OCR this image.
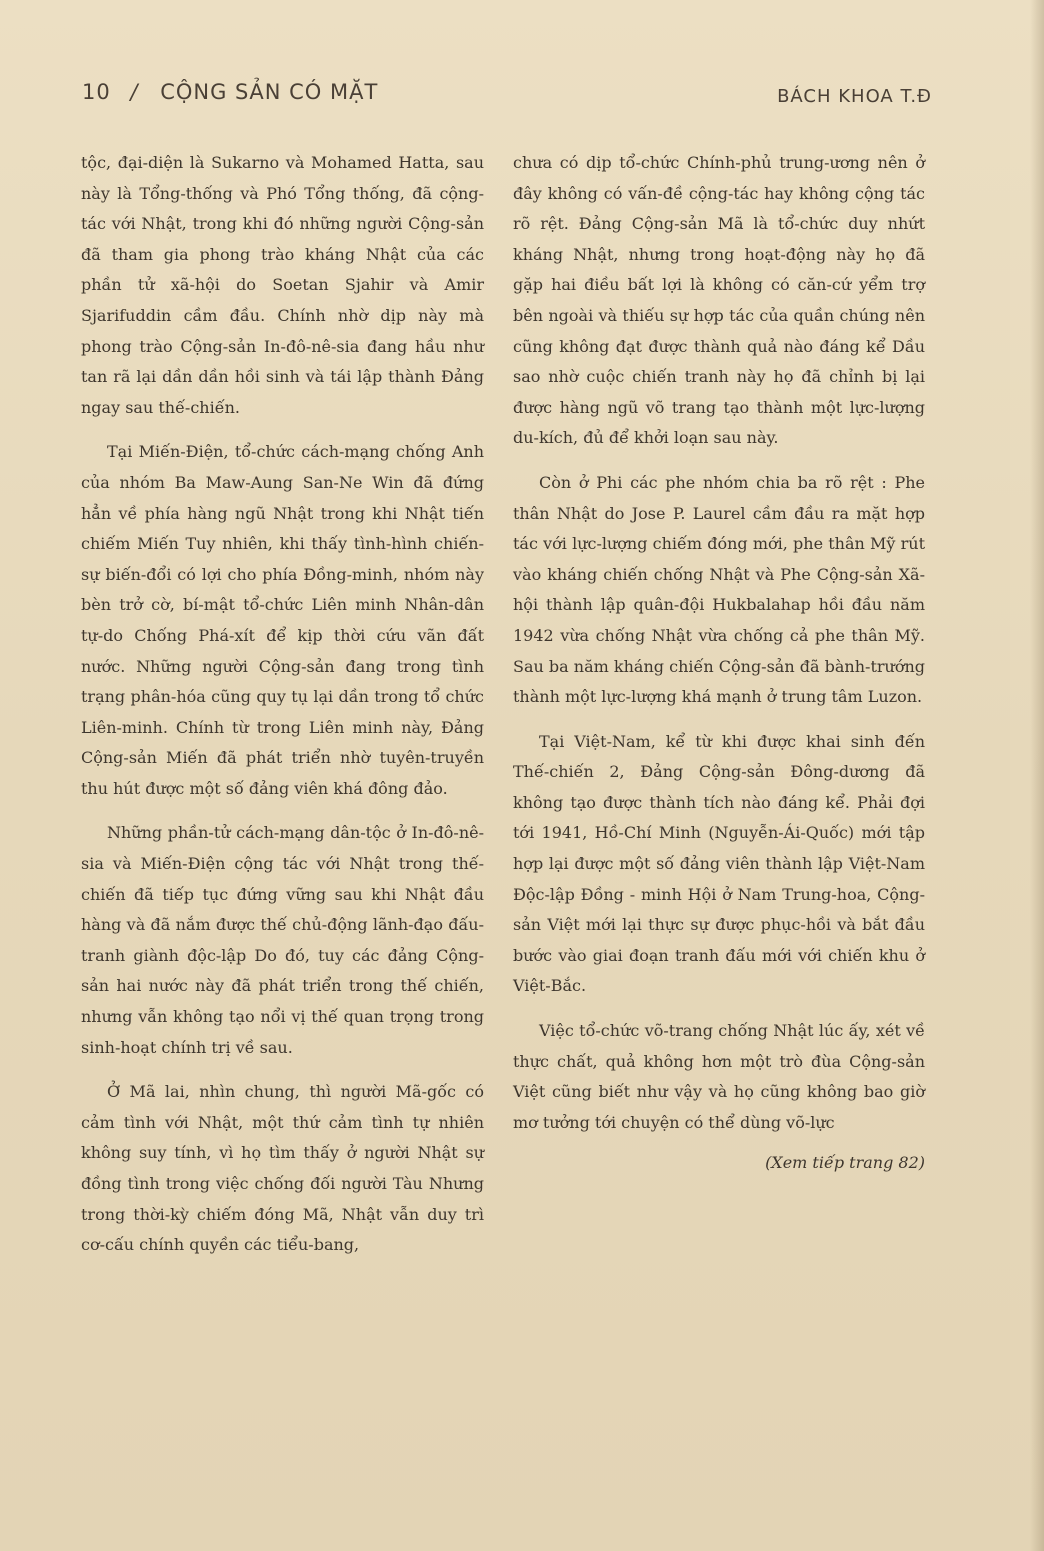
10 / CỘNG SẢN CÓ MẶT	BÁCH KHOA T.Đ

tộc, đại-diện là Sukarno và Mohamed Hatta, sau này là Tổng-thống và Phó Tổng thống, đã cộng-tác với Nhật, trong khi đó những người Cộng-sản đã tham gia phong trào kháng Nhật của các phần tử xã-hội do Soetan Sjahir và Amir Sjarifuddin cầm đầu. Chính nhờ dịp này mà phong trào Cộng-sản In-đô-nê-sia đang hầu như tan rã lại dần dần hồi sinh và tái lập thành Đảng ngay sau thế-chiến.

Tại Miến-Điện, tổ-chức cách-mạng chống Anh của nhóm Ba Maw-Aung San-Ne Win đã đứng hẳn về phía hàng ngũ Nhật trong khi Nhật tiến chiếm Miến Tuy nhiên, khi thấy tình-hình chiến-sự biến-đổi có lợi cho phía Đồng-minh, nhóm này bèn trở cờ, bí-mật tổ-chức Liên minh Nhân-dân tự-do Chống Phá-xít để kịp thời cứu vãn đất nước. Những người Cộng-sản đang trong tình trạng phân-hóa cũng quy tụ lại dần trong tổ chức Liên-minh. Chính từ trong Liên minh này, Đảng Cộng-sản Miến đã phát triển nhờ tuyên-truyền thu hút được một số đảng viên khá đông đảo.

Những phần-tử cách-mạng dân-tộc ở In-đô-nê-sia và Miến-Điện cộng tác với Nhật trong thế-chiến đã tiếp tục đứng vững sau khi Nhật đầu hàng và đã nắm được thế chủ-động lãnh-đạo đấu-tranh giành độc-lập Do đó, tuy các đảng Cộng-sản hai nước này đã phát triển trong thế chiến, nhưng vẫn không tạo nổi vị thế quan trọng trong sinh-hoạt chính trị về sau.

Ở Mã lai, nhìn chung, thì người Mã-gốc có cảm tình với Nhật, một thứ cảm tình tự nhiên không suy tính, vì họ tìm thấy ở người Nhật sự đồng tình trong việc chống đối người Tàu Nhưng trong thời-kỳ chiếm đóng Mã, Nhật vẫn duy trì cơ-cấu chính quyền các tiểu-bang,

chưa có dịp tổ-chức Chính-phủ trung-ương nên ở đây không có vấn-đề cộng-tác hay không cộng tác rõ rệt. Đảng Cộng-sản Mã là tổ-chức duy nhứt kháng Nhật, nhưng trong hoạt-động này họ đã gặp hai điều bất lợi là không có căn-cứ yểm trợ bên ngoài và thiếu sự hợp tác của quần chúng nên cũng không đạt được thành quả nào đáng kể Dầu sao nhờ cuộc chiến tranh này họ đã chỉnh bị lại được hàng ngũ võ trang tạo thành một lực-lượng du-kích, đủ để khởi loạn sau này.

Còn ở Phi các phe nhóm chia ba rõ rệt : Phe thân Nhật do Jose P. Laurel cầm đầu ra mặt hợp tác với lực-lượng chiếm đóng mới, phe thân Mỹ rút vào kháng chiến chống Nhật và Phe Cộng-sản Xã-hội thành lập quân-đội Hukbalahap hồi đầu năm 1942 vừa chống Nhật vừa chống cả phe thân Mỹ. Sau ba năm kháng chiến Cộng-sản đã bành-trướng thành một lực-lượng khá mạnh ở trung tâm Luzon.

Tại Việt-Nam, kể từ khi được khai sinh đến Thế-chiến 2, Đảng Cộng-sản Đông-dương đã không tạo được thành tích nào đáng kể. Phải đợi tới 1941, Hồ-Chí Minh (Nguyễn-Ái-Quốc) mới tập hợp lại được một số đảng viên thành lập Việt-Nam Độc-lập Đồng - minh Hội ở Nam Trung-hoa, Cộng-sản Việt mới lại thực sự được phục-hồi và bắt đầu bước vào giai đoạn tranh đấu mới với chiến khu ở Việt-Bắc.

Việc tổ-chức võ-trang chống Nhật lúc ấy, xét về thực chất, quả không hơn một trò đùa Cộng-sản Việt cũng biết như vậy và họ cũng không bao giờ mơ tưởng tới chuyện có thể dùng võ-lực

(Xem tiếp trang 82)
